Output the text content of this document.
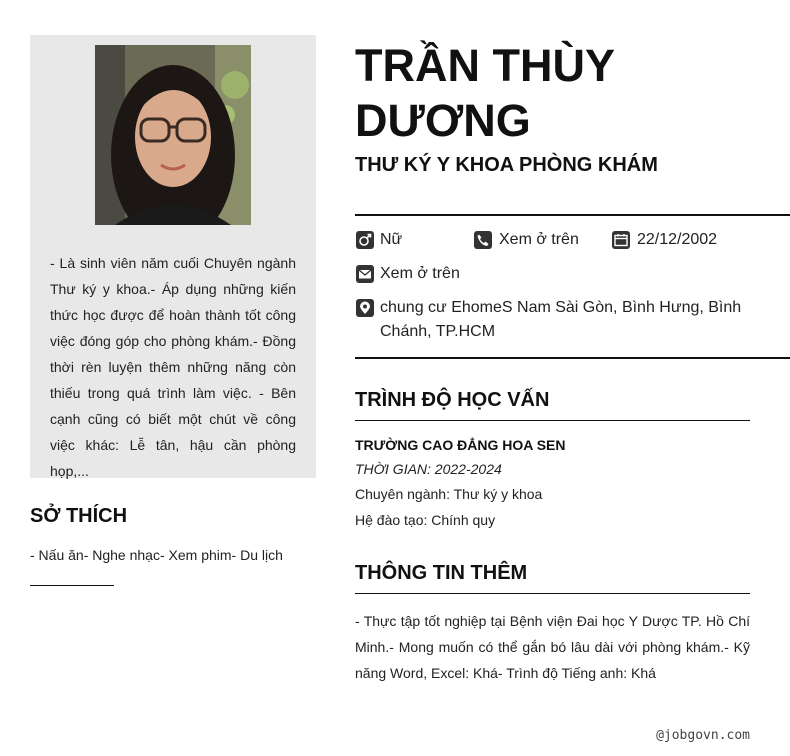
- Là sinh viên năm cuối Chuyên ngành Thư ký y khoa.- Áp dụng những kiến thức học được để hoàn thành tốt công việc đóng góp cho phòng khám.- Đồng thời rèn luyện thêm những năng còn thiếu trong quá trình làm việc. - Bên cạnh cũng có biết một chút về công việc khác: Lễ tân, hậu cần phòng họp,...

SỞ THÍCH
- Nấu ăn- Nghe nhạc- Xem phim- Du lịch
TRẦN THÙY DƯƠNG
THƯ KÝ Y KHOA PHÒNG KHÁM
Nữ	Xem ở trên	22/12/2002
Xem ở trên
chung cư EhomeS Nam Sài Gòn, Bình Hưng, Bình Chánh, TP.HCM
TRÌNH ĐỘ HỌC VẤN
TRƯỜNG CAO ĐẲNG HOA SEN
THỜI GIAN: 2022-2024
Chuyên ngành: Thư ký y khoa
Hệ đào tạo: Chính quy
THÔNG TIN THÊM

- Thực tập tốt nghiệp tại Bệnh viện Đai học Y Dược TP. Hồ Chí Minh.- Mong muốn có thể gắn bó lâu dài với phòng khám.- Kỹ năng Word, Excel: Khá- Trình độ Tiếng anh: Khá

@jobgovn.com
